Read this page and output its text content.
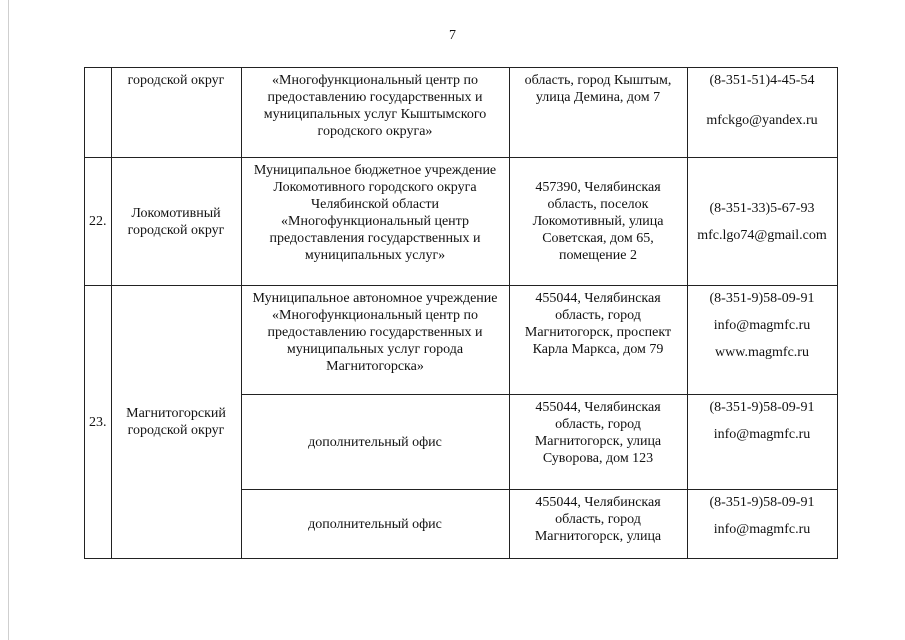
7
	городской округ	«Многофункциональный центр по предоставлению государственных и муниципальных услуг Кыштымского городского округа»	область, город Кыштым, улица Демина, дом 7	(8-351-51)4-45-54
mfckgo@yandex.ru

22.	Локомотивный городской округ	Муниципальное бюджетное учреждение Локомотивного городского округа Челябинской области «Многофункциональный центр предоставления государственных и муниципальных услуг»	457390, Челябинская область, поселок Локомотивный, улица Советская, дом 65, помещение 2	(8-351-33)5-67-93
mfc.lgo74@gmail.com

23.	Магнитогорский городской округ	Муниципальное автономное учреждение «Многофункциональный центр по предоставлению государственных и муниципальных услуг города Магнитогорска»	455044, Челябинская область, город Магнитогорск, проспект Карла Маркса, дом 79	(8-351-9)58-09-91
info@magmfc.ru
www.magmfc.ru

		дополнительный офис	455044, Челябинская область, город Магнитогорск, улица Суворова, дом 123	(8-351-9)58-09-91
info@magmfc.ru

		дополнительный офис	455044, Челябинская область, город Магнитогорск, улица	(8-351-9)58-09-91
info@magmfc.ru
